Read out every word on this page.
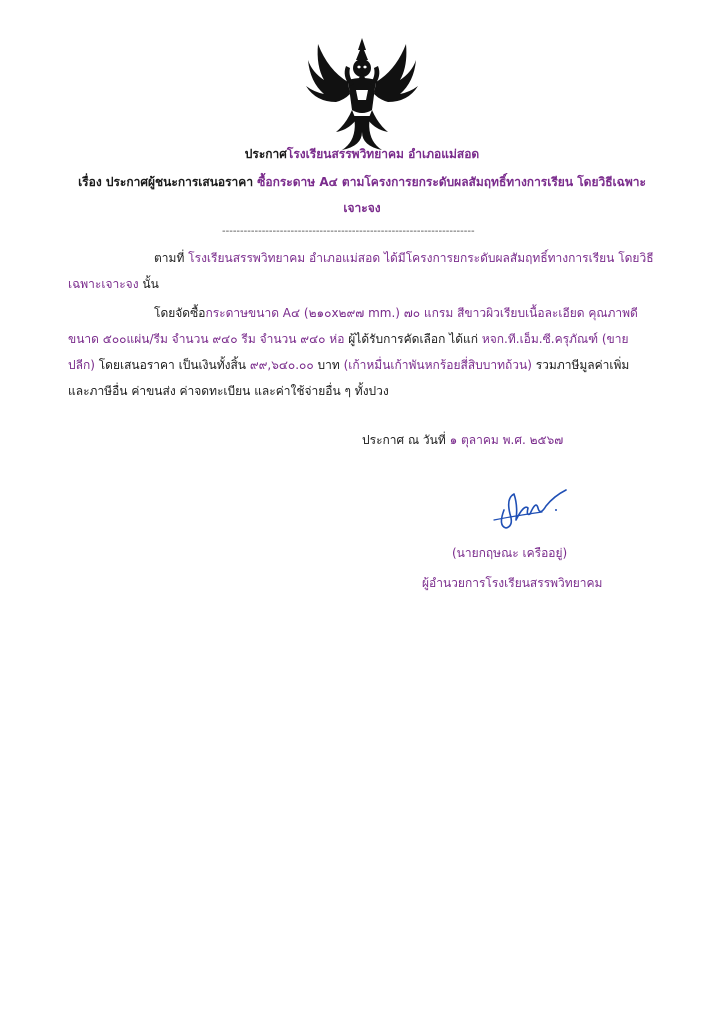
ประกาศโรงเรียนสรรพวิทยาคม อำเภอแม่สอด
เรื่อง ประกาศผู้ชนะการเสนอราคา ซื้อกระดาษ A๔ ตามโครงการยกระดับผลสัมฤทธิ์ทางการเรียน โดยวิธีเฉพาะ
เจาะจง
----------------------------------------------------------------------
ตามที่ โรงเรียนสรรพวิทยาคม อำเภอแม่สอด ได้มีโครงการยกระดับผลสัมฤทธิ์ทางการเรียน โดยวิธี
เฉพาะเจาะจง นั้น
โดยจัดซื้อกระดาษขนาด A๔ (๒๑๐x๒๙๗ mm.) ๗๐ แกรม สีขาวผิวเรียบเนื้อละเอียด คุณภาพดี
ขนาด ๕๐๐แผ่น/รีม จำนวน ๙๔๐ รีม จำนวน ๙๔๐ ห่อ ผู้ได้รับการคัดเลือก ได้แก่ หจก.ที.เอ็ม.ซี.ครุภัณฑ์ (ขาย
ปลีก) โดยเสนอราคา เป็นเงินทั้งสิ้น ๙๙,๖๔๐.๐๐ บาท (เก้าหมื่นเก้าพันหกร้อยสี่สิบบาทถ้วน) รวมภาษีมูลค่าเพิ่ม
และภาษีอื่น ค่าขนส่ง ค่าจดทะเบียน และค่าใช้จ่ายอื่น ๆ ทั้งปวง
ประกาศ ณ วันที่ ๑ ตุลาคม พ.ศ. ๒๕๖๗
(นายกฤษณะ เครืออยู่)
ผู้อำนวยการโรงเรียนสรรพวิทยาคม
